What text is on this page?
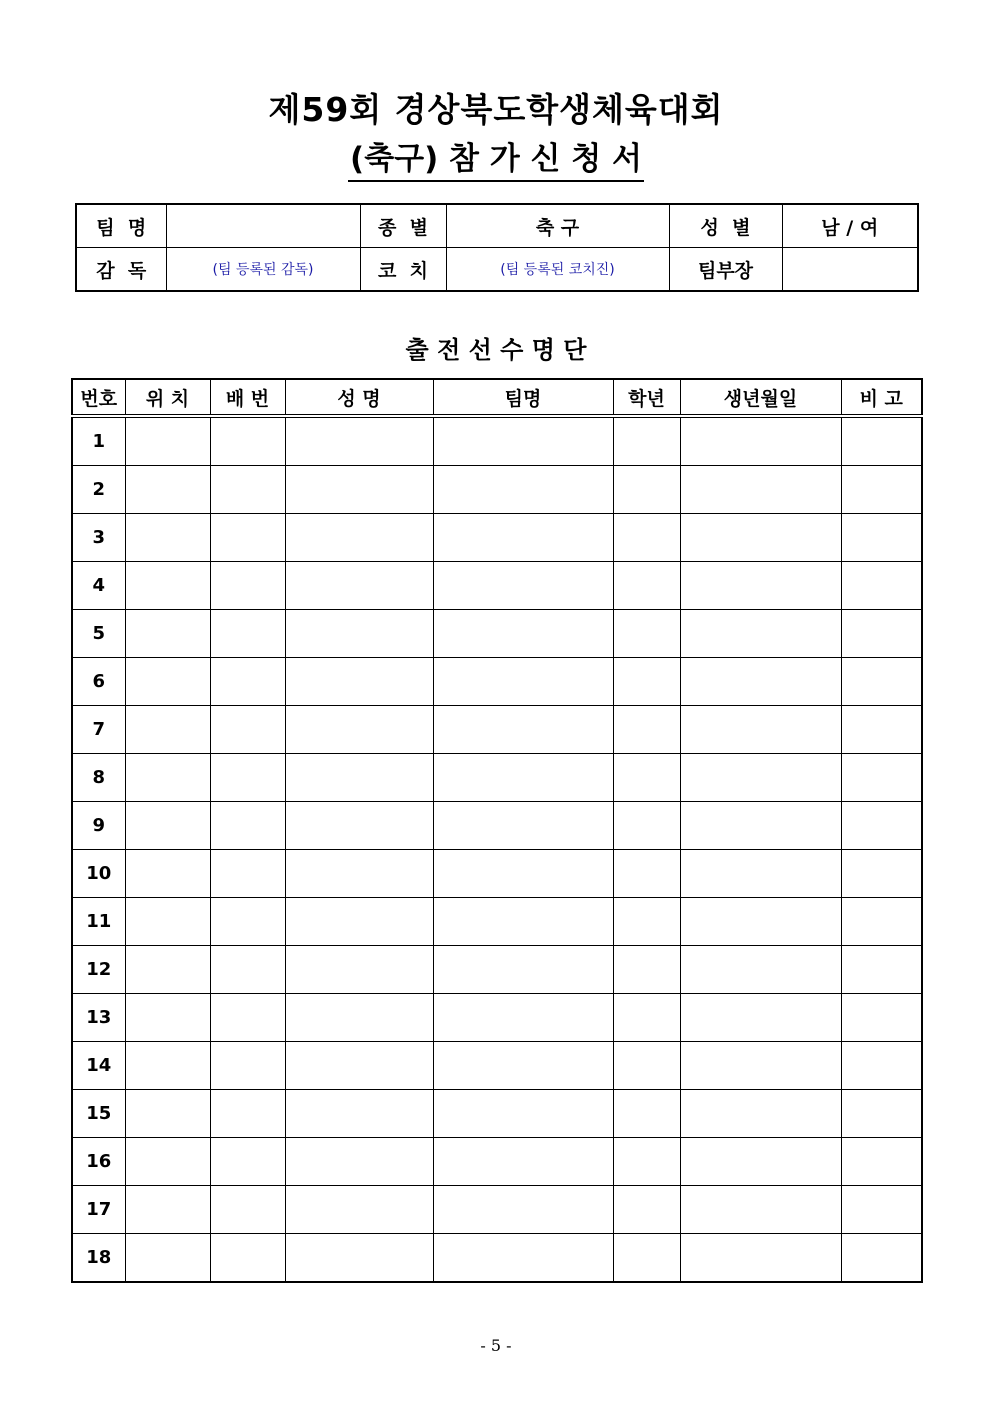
제59회 경상북도학생체육대회
(축구) 참 가 신 청 서
팀  명		종  별	축 구	성  별	남 / 여
감  독	(팀 등록된 감독)	코  치	(팀 등록된 코치진)	팀부장	
출 전 선 수 명 단
번호	위 치	배 번	성 명	팀명	학년	생년월일	비 고
1							
2							
3							
4							
5							
6							
7							
8							
9							
10							
11							
12							
13							
14							
15							
16							
17							
18							
- 5 -
